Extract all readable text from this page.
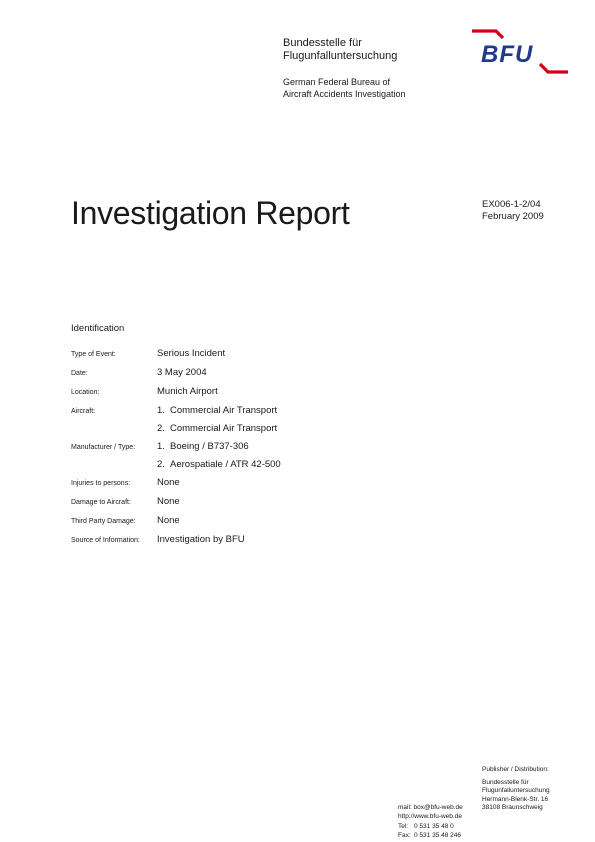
Bundesstelle für
Flugunfalluntersuchung
German Federal Bureau of
Aircraft Accidents Investigation
BFU
Investigation Report	EX006-1-2/04
February 2009
Identification
Type of Event:	Serious Incident
Date:	3 May 2004
Location:	Munich Airport
Aircraft:	1. Commercial Air Transport
2. Commercial Air Transport
Manufacturer / Type:	1. Boeing / B737-306
2. Aerospatiale / ATR 42-500
Injuries to persons:	None
Damage to Aircraft:	None
Third Party Damage:	None
Source of Information:	Investigation by BFU
mail: box@bfu-web.de
http://www.bfu-web.de
Tel: 0 531 35 48 0
Fax: 0 531 35 48 246
Publisher / Distribution:
Bundesstelle für
Flugunfalluntersuchung
Hermann-Blenk-Str. 16
38108 Braunschweig
